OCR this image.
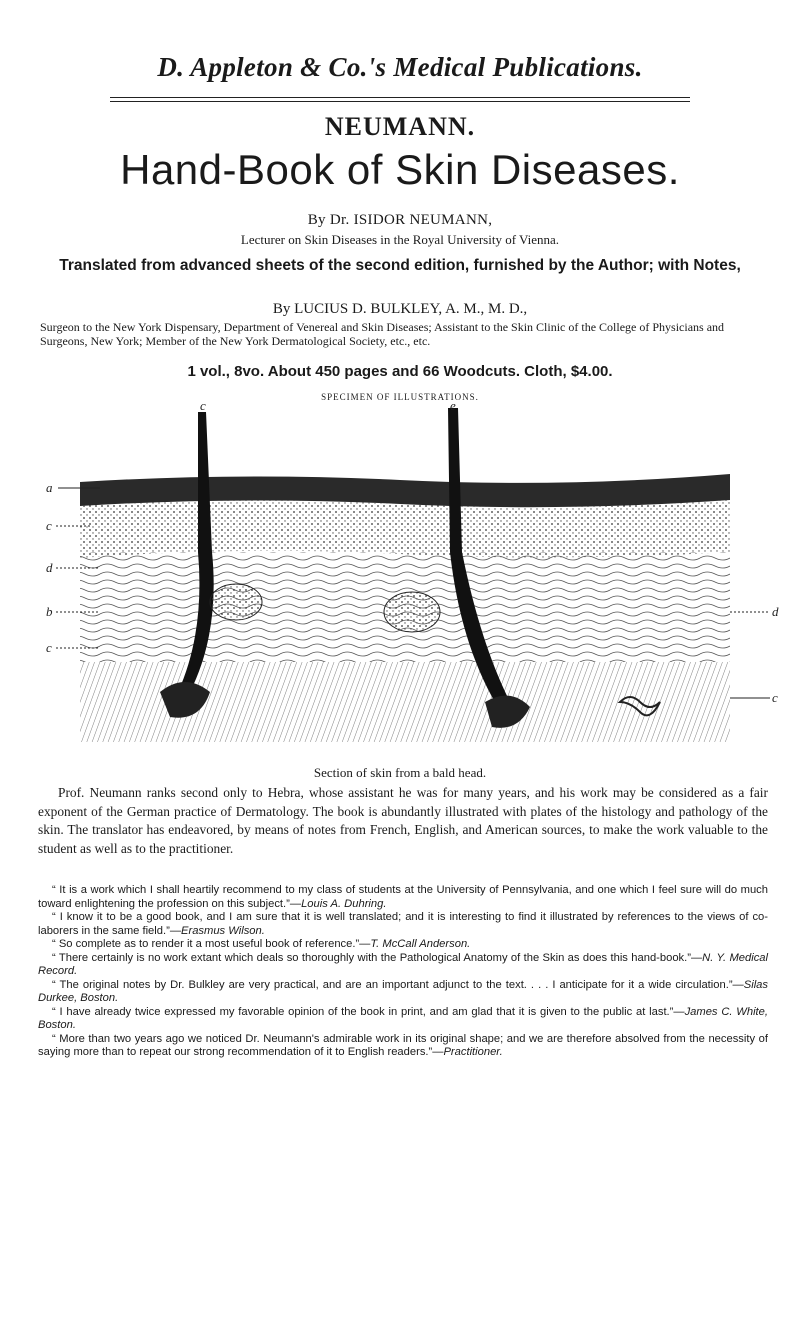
D. Appleton & Co.'s Medical Publications.
NEUMANN.
Hand-Book of Skin Diseases.
By Dr. ISIDOR NEUMANN,
Lecturer on Skin Diseases in the Royal University of Vienna.
Translated from advanced sheets of the second edition, furnished by the Author; with Notes,
By LUCIUS D. BULKLEY, A. M., M. D.,
Surgeon to the New York Dispensary, Department of Venereal and Skin Diseases; Assistant to the Skin Clinic of the College of Physicians and Surgeons, New York; Member of the New York Dermatological Society, etc., etc.
1 vol., 8vo. About 450 pages and 66 Woodcuts. Cloth, $4.00.
SPECIMEN OF ILLUSTRATIONS.
c	e
a
c
d
b
c
d
c
Section of skin from a bald head.

Prof. Neumann ranks second only to Hebra, whose assistant he was for many years, and his work may be considered as a fair exponent of the German practice of Dermatology. The book is abundantly illustrated with plates of the histology and pathology of the skin. The translator has endeavored, by means of notes from French, English, and American sources, to make the work valuable to the student as well as to the practitioner.

“ It is a work which I shall heartily recommend to my class of students at the University of Pennsylvania, and one which I feel sure will do much toward enlightening the profession on this subject.”—Louis A. Duhring.

“ I know it to be a good book, and I am sure that it is well translated; and it is interesting to find it illustrated by references to the views of co-laborers in the same field.”—Erasmus Wilson.

“ So complete as to render it a most useful book of reference.”—T. McCall Anderson.

“ There certainly is no work extant which deals so thoroughly with the Pathological Anatomy of the Skin as does this hand-book.”—N. Y. Medical Record.

“ The original notes by Dr. Bulkley are very practical, and are an important adjunct to the text. . . . I anticipate for it a wide circulation.”—Silas Durkee, Boston.

“ I have already twice expressed my favorable opinion of the book in print, and am glad that it is given to the public at last.”—James C. White, Boston.

“ More than two years ago we noticed Dr. Neumann's admirable work in its original shape; and we are therefore absolved from the necessity of saying more than to repeat our strong recommendation of it to English readers.”—Practitioner.
